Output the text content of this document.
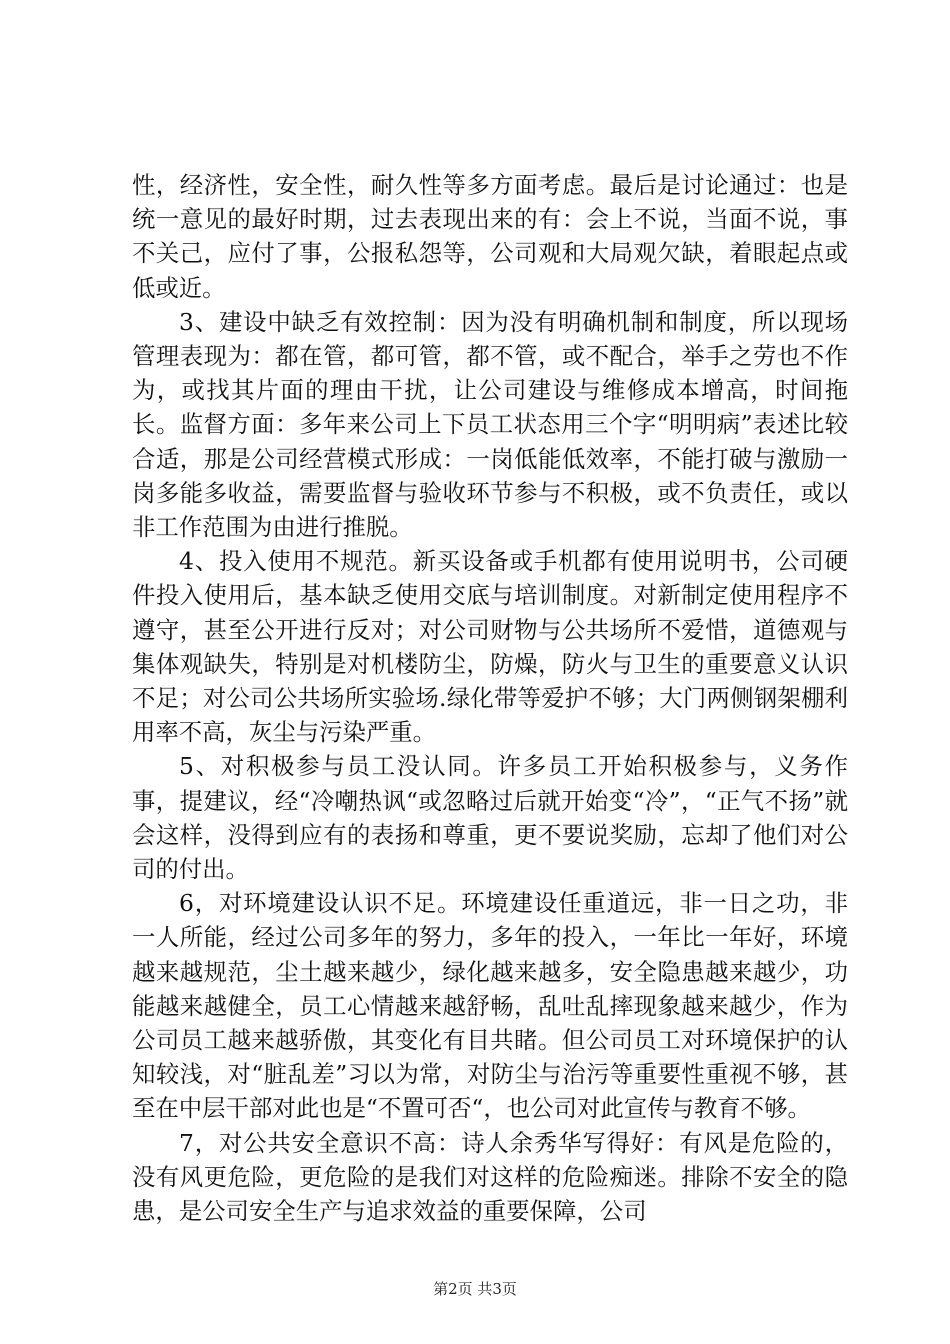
性，经济性，安全性，耐久性等多方面考虑。最后是讨论通过：也是统一意见的最好时期，过去表现出来的有：会上不说，当面不说，事不关己，应付了事，公报私怨等，公司观和大局观欠缺，着眼起点或低或近。

3、建设中缺乏有效控制：因为没有明确机制和制度，所以现场管理表现为：都在管，都可管，都不管，或不配合，举手之劳也不作为，或找其片面的理由干扰，让公司建设与维修成本增高，时间拖长。监督方面：多年来公司上下员工状态用三个字“明明病”表述比较合适，那是公司经营模式形成：一岗低能低效率，不能打破与激励一岗多能多收益，需要监督与验收环节参与不积极，或不负责任，或以非工作范围为由进行推脱。

4、投入使用不规范。新买设备或手机都有使用说明书，公司硬件投入使用后，基本缺乏使用交底与培训制度。对新制定使用程序不遵守，甚至公开进行反对；对公司财物与公共场所不爱惜，道德观与集体观缺失，特别是对机楼防尘，防燥，防火与卫生的重要意义认识不足；对公司公共场所实验场.绿化带等爱护不够；大门两侧钢架棚利用率不高，灰尘与污染严重。

5、对积极参与员工没认同。许多员工开始积极参与，义务作事，提建议，经“冷嘲热讽“或忽略过后就开始变“冷”，“正气不扬”就会这样，没得到应有的表扬和尊重，更不要说奖励，忘却了他们对公司的付出。

6，对环境建设认识不足。环境建设任重道远，非一日之功，非一人所能，经过公司多年的努力，多年的投入，一年比一年好，环境越来越规范，尘土越来越少，绿化越来越多，安全隐患越来越少，功能越来越健全，员工心情越来越舒畅，乱吐乱摔现象越来越少，作为公司员工越来越骄傲，其变化有目共睹。但公司员工对环境保护的认知较浅，对“脏乱差”习以为常，对防尘与治污等重要性重视不够，甚至在中层干部对此也是“不置可否“，也公司对此宣传与教育不够。

7，对公共安全意识不高：诗人余秀华写得好：有风是危险的，没有风更危险，更危险的是我们对这样的危险痴迷。排除不安全的隐患，是公司安全生产与追求效益的重要保障，公司

第2页 共3页
